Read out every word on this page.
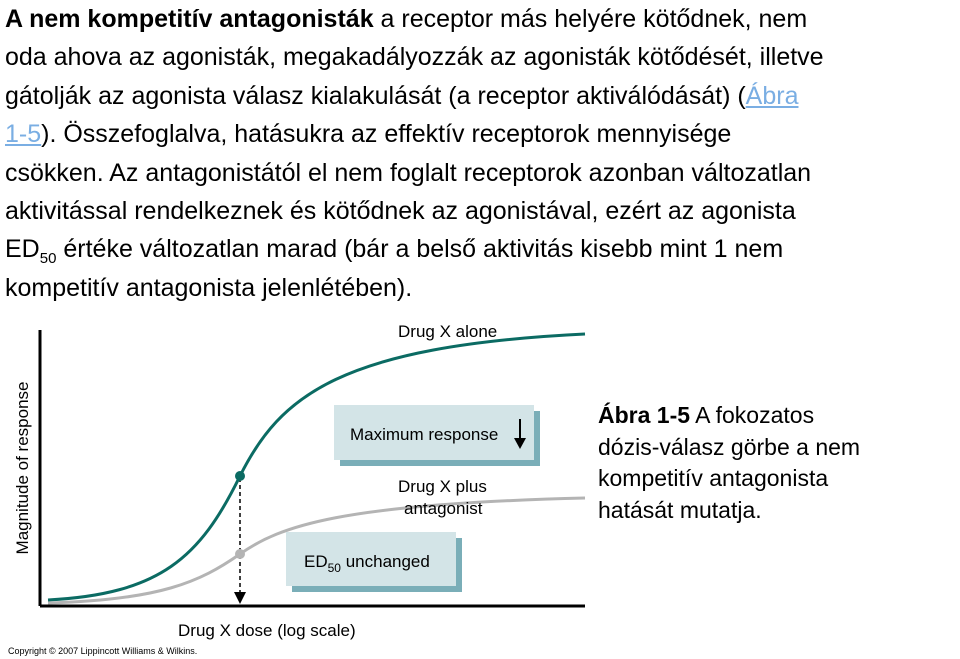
A nem kompetitív antagonisták a receptor más helyére kötődnek, nem
oda ahova az agonisták, megakadályozzák az agonisták kötődését, illetve
gátolják az agonista válasz kialakulását (a receptor aktiválódását) (Ábra
1-5). Összefoglalva, hatásukra az effektív receptorok mennyisége
csökken. Az antagonistától el nem foglalt receptorok azonban változatlan
aktivitással rendelkeznek és kötődnek az agonistával, ezért az agonista
$ED_{50}$ értéke változatlan marad (bár a belső aktivitás kisebb mint 1 nem
kompetitív antagonista jelenlétében).
Magnitude of response
Drug X alone
Maximum response
Drug X plus
antagonist
$ED_{50}$ unchanged
Drug X dose (log scale)
Copyright © 2007 Lippincott Williams & Wilkins.
Ábra 1-5 A fokozatos
dózis-válasz görbe a nem
kompetitív antagonista
hatását mutatja.
